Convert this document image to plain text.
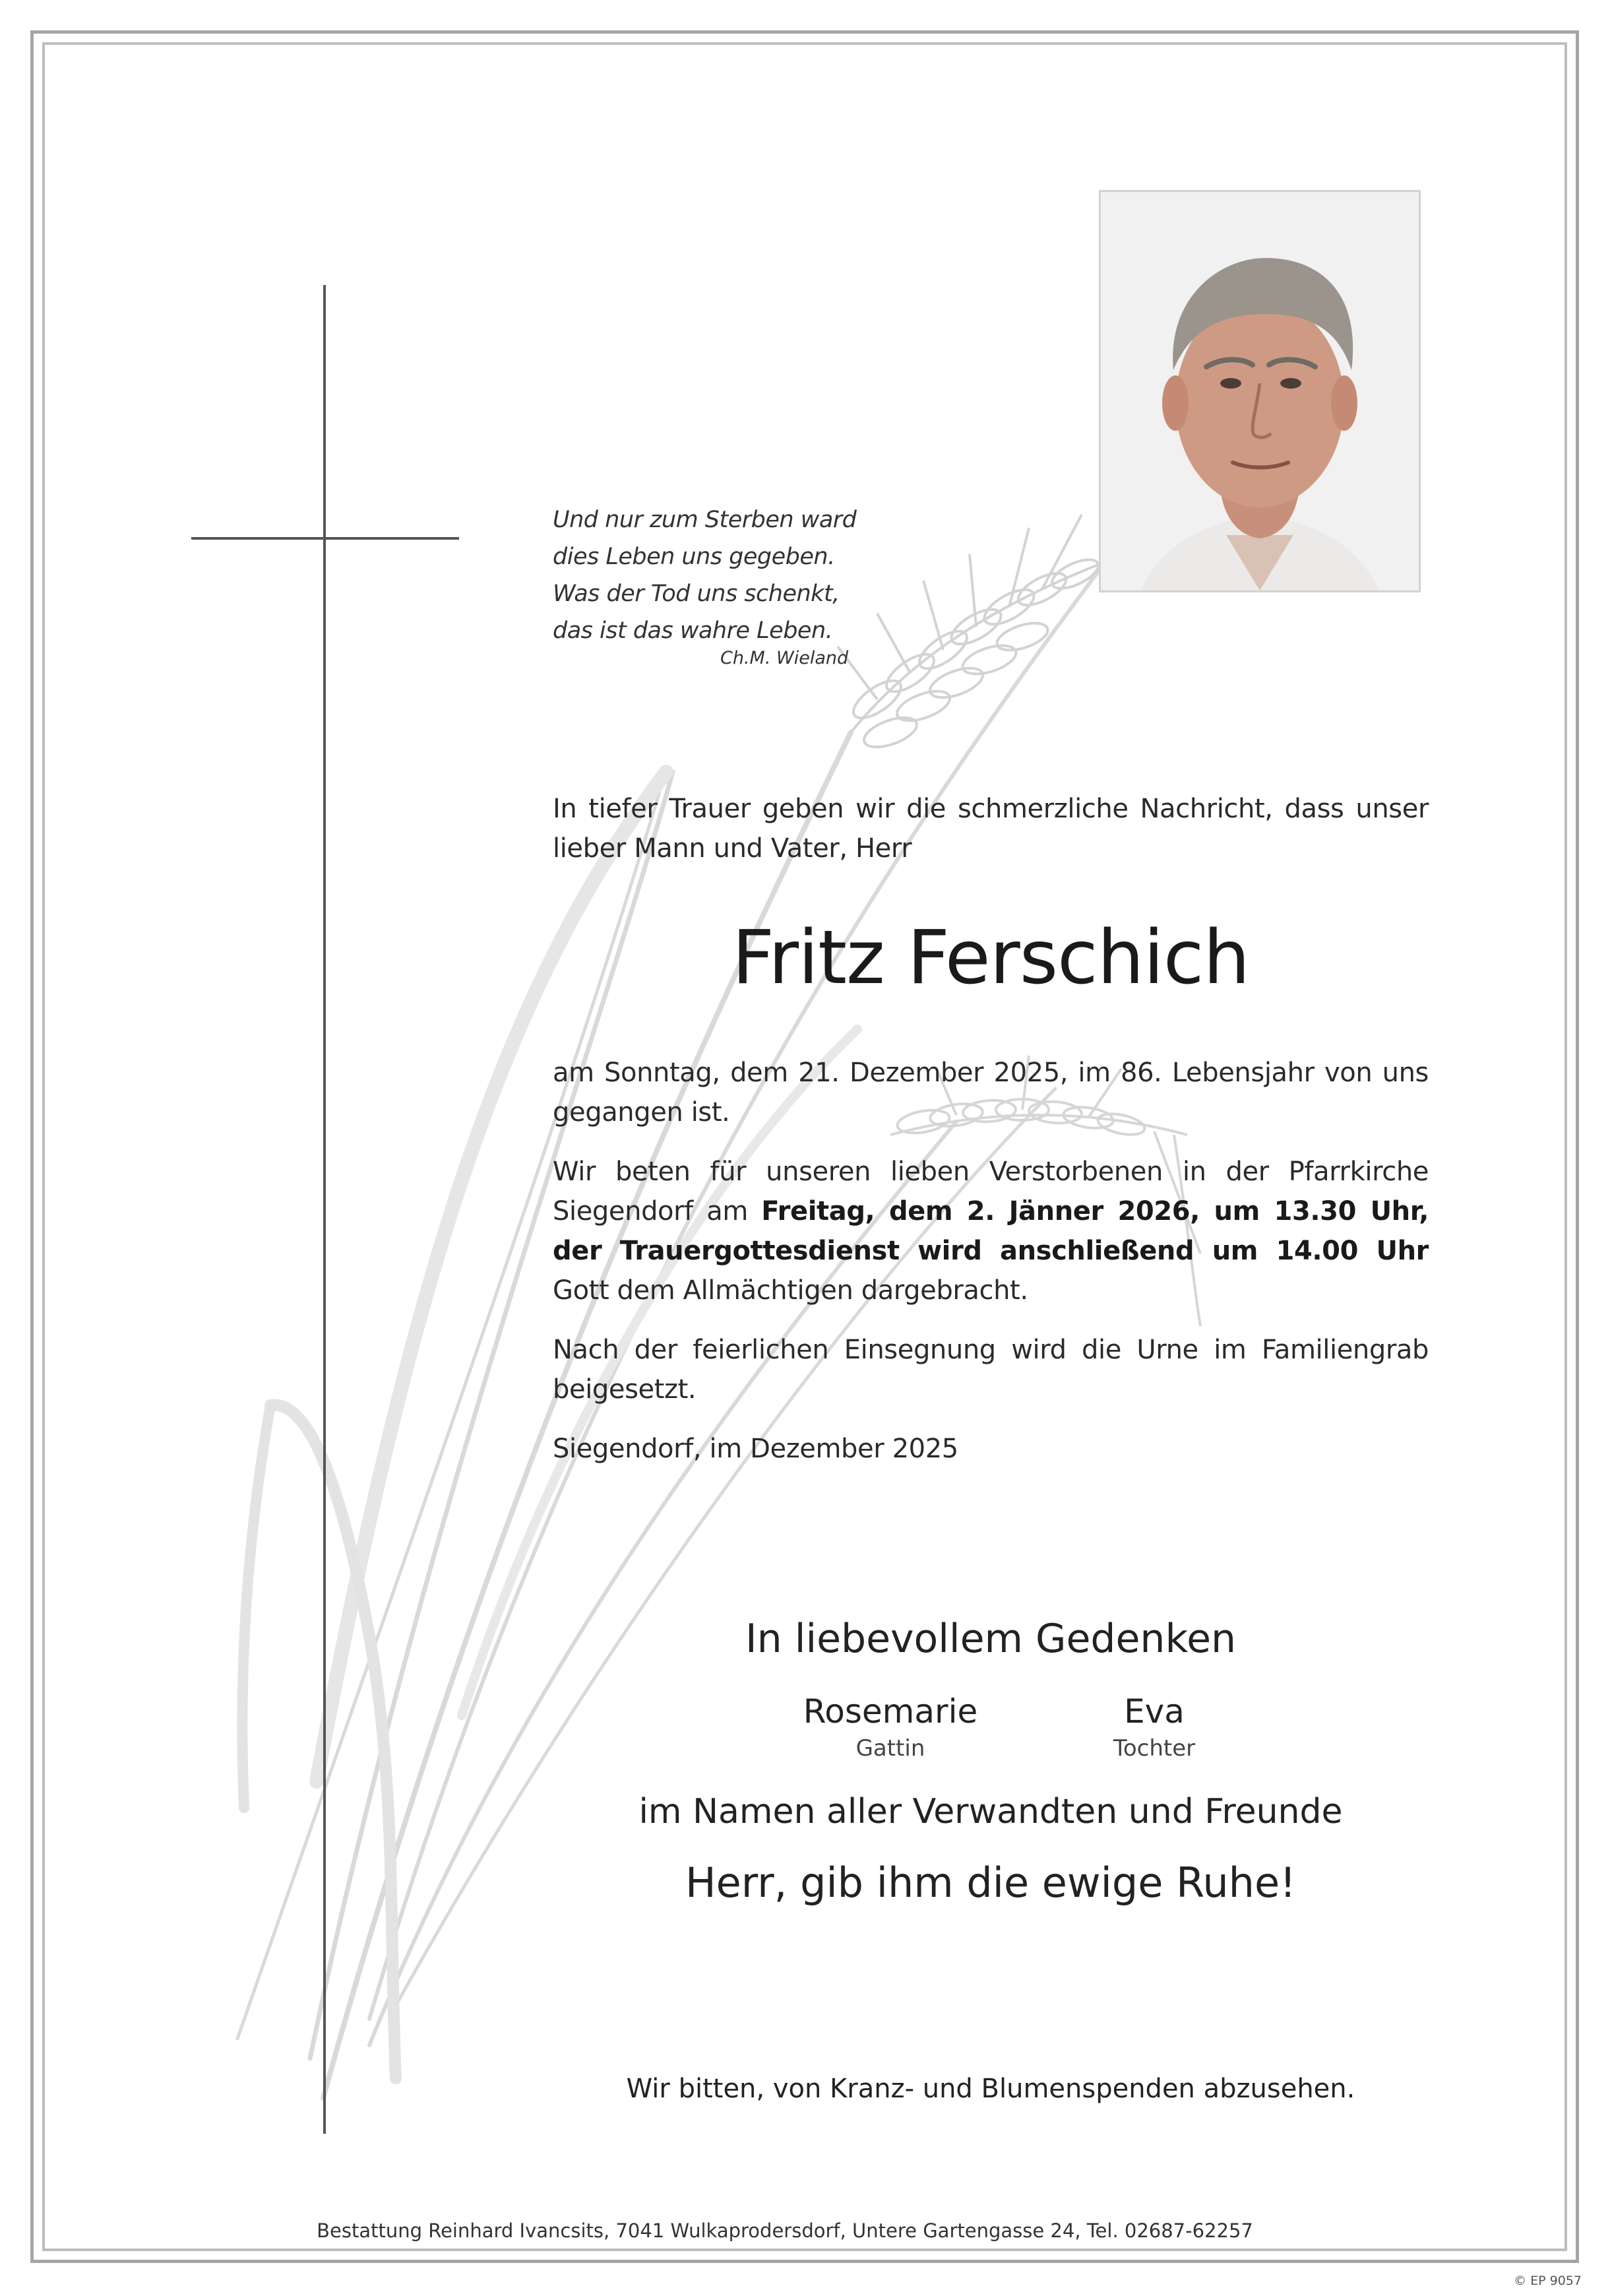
Und nur zum Sterben ward
dies Leben uns gegeben.
Was der Tod uns schenkt,
das ist das wahre Leben.
Ch.M. Wieland
In tiefer Trauer geben wir die schmerzliche Nachricht, dass unser lieber Mann und Vater, Herr
Fritz Ferschich
am Sonntag, dem 21. Dezember 2025, im 86. Lebensjahr von uns gegangen ist.
Wir beten für unseren lieben Verstorbenen in der Pfarrkirche Siegendorf am Freitag, dem 2. Jänner 2026, um 13.30 Uhr, der Trauergottesdienst wird anschließend um 14.00 Uhr Gott dem Allmächtigen dargebracht.
Nach der feierlichen Einsegnung wird die Urne im Familiengrab beigesetzt.
Siegendorf, im Dezember 2025
In liebevollem Gedenken
Rosemarie
Gattin
Eva
Tochter
im Namen aller Verwandten und Freunde
Herr, gib ihm die ewige Ruhe!
Wir bitten, von Kranz- und Blumenspenden abzusehen.
Bestattung Reinhard Ivancsits, 7041 Wulkaprodersdorf, Untere Gartengasse 24, Tel. 02687-62257
© EP 9057
